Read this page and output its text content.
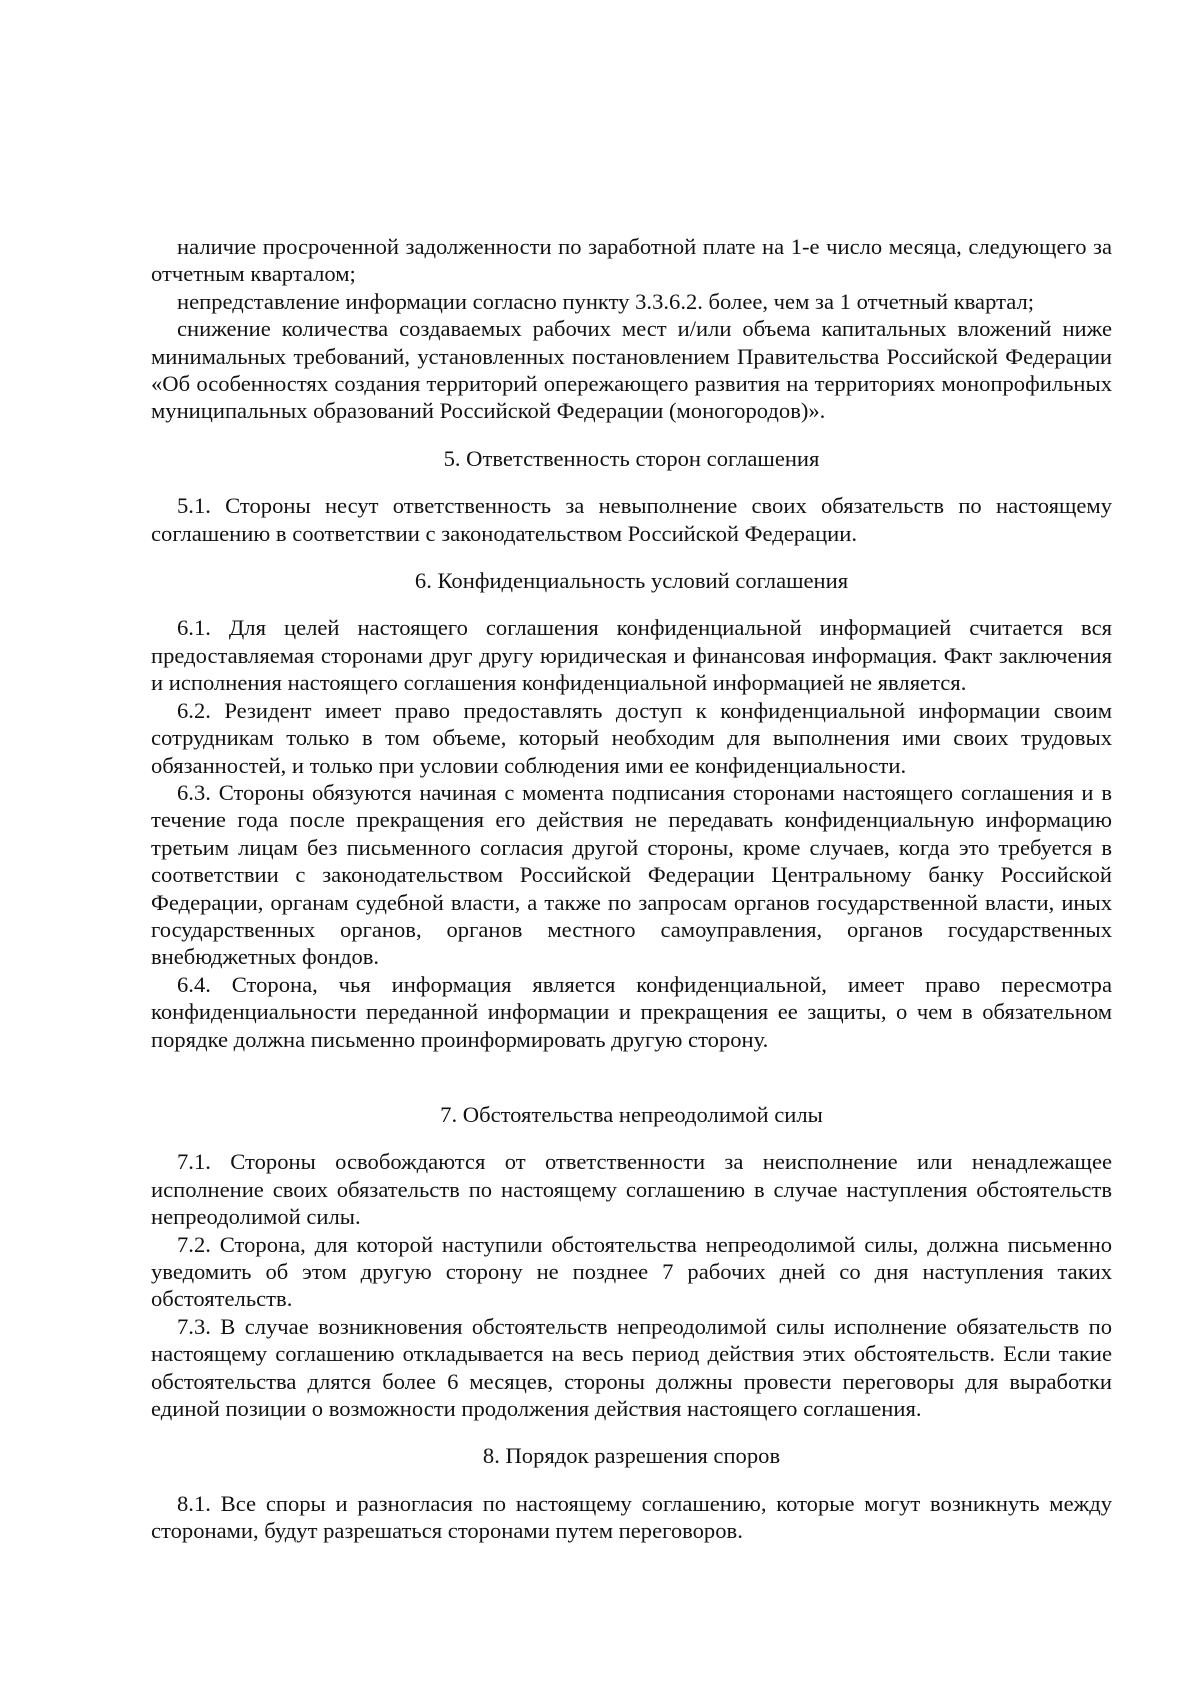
наличие просроченной задолженности по заработной плате на 1-е число месяца, следующего за отчетным кварталом;

непредставление информации согласно пункту 3.3.6.2. более, чем за 1 отчетный квартал;

снижение количества создаваемых рабочих мест и/или объема капитальных вложений ниже минимальных требований, установленных постановлением Правительства Российской Федерации «Об особенностях создания территорий опережающего развития на территориях монопрофильных муниципальных образований Российской Федерации (моногородов)».

5. Ответственность сторон соглашения

5.1. Стороны несут ответственность за невыполнение своих обязательств по настоящему соглашению в соответствии с законодательством Российской Федерации.

6. Конфиденциальность условий соглашения

6.1. Для целей настоящего соглашения конфиденциальной информацией считается вся предоставляемая сторонами друг другу юридическая и финансовая информация. Факт заключения и исполнения настоящего соглашения конфиденциальной информацией не является.

6.2. Резидент имеет право предоставлять доступ к конфиденциальной информации своим сотрудникам только в том объеме, который необходим для выполнения ими своих трудовых обязанностей, и только при условии соблюдения ими ее конфиденциальности.

6.3. Стороны обязуются начиная с момента подписания сторонами настоящего соглашения и в течение года после прекращения его действия не передавать конфиденциальную информацию третьим лицам без письменного согласия другой стороны, кроме случаев, когда это требуется в соответствии с законодательством Российской Федерации Центральному банку Российской Федерации, органам судебной власти, а также по запросам органов государственной власти, иных государственных органов, органов местного самоуправления, органов государственных внебюджетных фондов.

6.4. Сторона, чья информация является конфиденциальной, имеет право пересмотра конфиденциальности переданной информации и прекращения ее защиты, о чем в обязательном порядке должна письменно проинформировать другую сторону.

7. Обстоятельства непреодолимой силы

7.1. Стороны освобождаются от ответственности за неисполнение или ненадлежащее исполнение своих обязательств по настоящему соглашению в случае наступления обстоятельств непреодолимой силы.

7.2. Сторона, для которой наступили обстоятельства непреодолимой силы, должна письменно уведомить об этом другую сторону не позднее 7 рабочих дней со дня наступления таких обстоятельств.

7.3. В случае возникновения обстоятельств непреодолимой силы исполнение обязательств по настоящему соглашению откладывается на весь период действия этих обстоятельств. Если такие обстоятельства длятся более 6 месяцев, стороны должны провести переговоры для выработки единой позиции о возможности продолжения действия настоящего соглашения.

8. Порядок разрешения споров

8.1. Все споры и разногласия по настоящему соглашению, которые могут возникнуть между сторонами, будут разрешаться сторонами путем переговоров.
